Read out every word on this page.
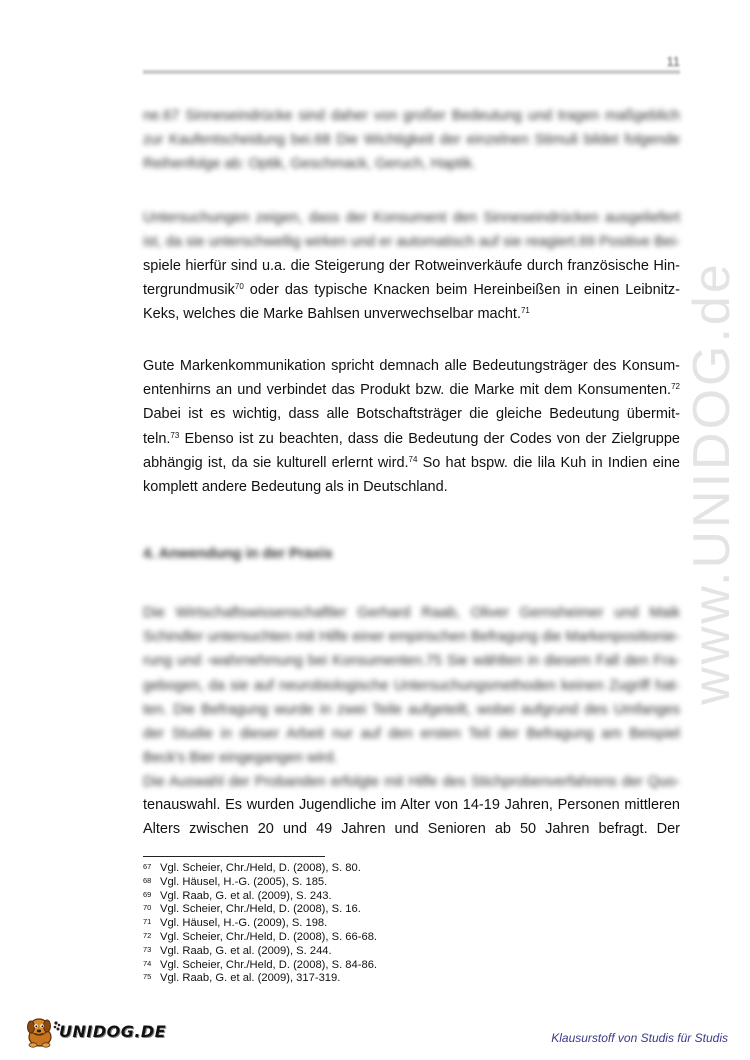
11
www.UNIDOG.de
ne.67 Sinneseindrücke sind daher von großer Bedeutung und tragen maßgeblich
zur Kaufentscheidung bei.68 Die Wichtigkeit der einzelnen Stimuli bildet folgende
Reihenfolge ab: Optik, Geschmack, Geruch, Haptik.
Untersuchungen zeigen, dass der Konsument den Sinneseindrücken ausgeliefert
ist, da sie unterschwellig wirken und er automatisch auf sie reagiert.69 Positive Bei-
spiele hierfür sind u.a. die Steigerung der Rotweinverkäufe durch französische Hin-
tergrundmusik$^{70}$ oder das typische Knacken beim Hereinbeißen in einen Leibnitz-
Keks, welches die Marke Bahlsen unverwechselbar macht.$^{71}$
Gute Markenkommunikation spricht demnach alle Bedeutungsträger des Konsum-
entenhirns an und verbindet das Produkt bzw. die Marke mit dem Konsumenten.$^{72}$
Dabei ist es wichtig, dass alle Botschaftsträger die gleiche Bedeutung übermit-
teln.$^{73}$ Ebenso ist zu beachten, dass die Bedeutung der Codes von der Zielgruppe
abhängig ist, da sie kulturell erlernt wird.$^{74}$ So hat bspw. die lila Kuh in Indien eine
komplett andere Bedeutung als in Deutschland.
4. Anwendung in der Praxis
Die Wirtschaftswissenschaftler Gerhard Raab, Oliver Gernsheimer und Maik
Schindler untersuchten mit Hilfe einer empirischen Befragung die Markenpositionie-
rung und -wahrnehmung bei Konsumenten.75 Sie wählten in diesem Fall den Fra-
gebogen, da sie auf neurobiologische Untersuchungsmethoden keinen Zugriff hat-
ten. Die Befragung wurde in zwei Teile aufgeteilt, wobei aufgrund des Umfanges
der Studie in dieser Arbeit nur auf den ersten Teil der Befragung am Beispiel
Beck's Bier eingegangen wird.
Die Auswahl der Probanden erfolgte mit Hilfe des Stichprobenverfahrens der Quo-
tenauswahl. Es wurden Jugendliche im Alter von 14-19 Jahren, Personen mittleren
Alters zwischen 20 und 49 Jahren und Senioren ab 50 Jahren befragt. Der
67 Vgl. Scheier, Chr./Held, D. (2008), S. 80.
68 Vgl. Häusel, H.-G. (2005), S. 185.
69 Vgl. Raab, G. et al. (2009), S. 243.
70 Vgl. Scheier, Chr./Held, D. (2008), S. 16.
71 Vgl. Häusel, H.-G. (2009), S. 198.
72 Vgl. Scheier, Chr./Held, D. (2008), S. 66-68.
73 Vgl. Raab, G. et al. (2009), S. 244.
74 Vgl. Scheier, Chr./Held, D. (2008), S. 84-86.
75 Vgl. Raab, G. et al. (2009), 317-319.
UNIDOG.DE	Klausurstoff von Studis für Studis
